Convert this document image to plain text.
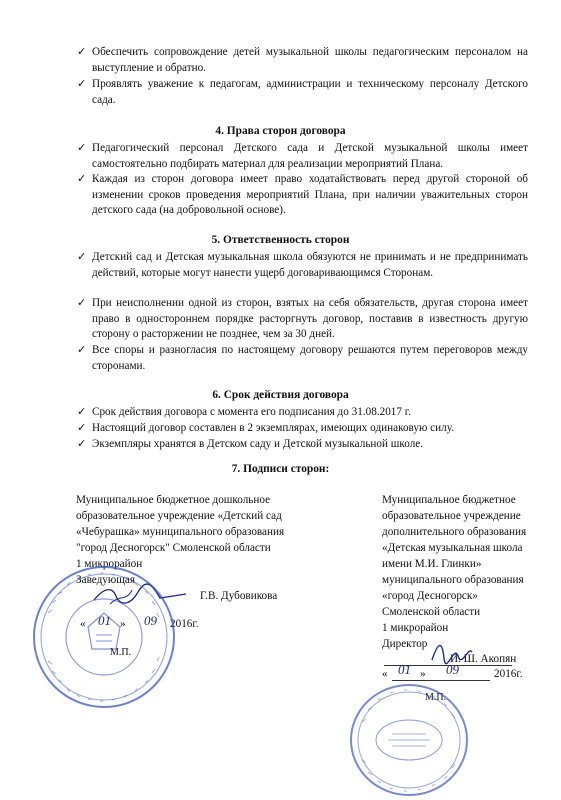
✓ Обеспечить сопровождение детей музыкальной школы педагогическим персоналом на выступление и обратно.
✓ Проявлять уважение к педагогам, администрации и техническому персоналу Детского сада.
4. Права сторон договора
✓ Педагогический персонал Детского сада и Детской музыкальной школы имеет самостоятельно подбирать материал для реализации мероприятий Плана.
✓ Каждая из сторон договора имеет право ходатайствовать перед другой стороной об изменении сроков проведения мероприятий Плана, при наличии уважительных сторон детского сада (на добровольной основе).
5. Ответственность сторон
✓ Детский сад и Детская музыкальная школа обязуются не принимать и не предпринимать действий, которые могут нанести ущерб договаривающимся Сторонам.
✓ При неисполнении одной из сторон, взятых на себя обязательств, другая сторона имеет право в одностороннем порядке расторгнуть договор, поставив в известность другую сторону о расторжении не позднее, чем за 30 дней.
✓ Все споры и разногласия по настоящему договору решаются путем переговоров между сторонами.
6. Срок действия договора
✓ Срок действия договора с момента его подписания до 31.08.2017 г.
✓ Настоящий договор составлен в 2 экземплярах, имеющих одинаковую силу.
✓ Экземпляры хранятся в Детском саду и Детской музыкальной школе.
7. Подписи сторон:
Муниципальное бюджетное дошкольное
образовательное учреждение «Детский сад
«Чебурашка» муниципального образования
"город Десногорск" Смоленской области
1 микрорайон
Заведующая
Г.В. Дубовикова
« 01 » 09 2016г.
М.П.
Муниципальное бюджетное
образовательное учреждение
дополнительного образования
«Детская музыкальная школа
имени М.И. Глинки»
муниципального образования
«город Десногорск»
Смоленской области
1 микрорайон
Директор
И. Ш. Акопян
« 01 » 09	2016г.
М.П.
